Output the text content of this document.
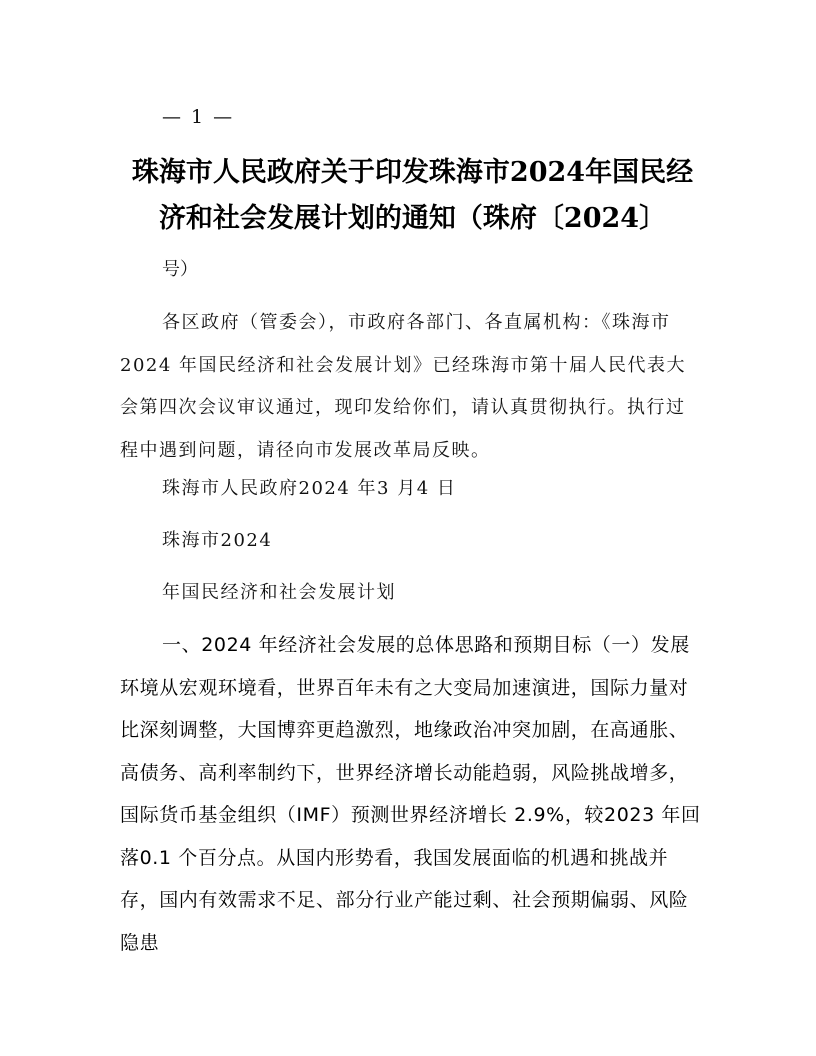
— 1 —
珠海市人民政府关于印发珠海市2024年国民经济和社会发展计划的通知（珠府〔2024〕
号）
各区政府（管委会），市政府各部门、各直属机构：《珠海市 2024 年国民经济和社会发展计划》已经珠海市第十届人民代表大会第四次会议审议通过，现印发给你们，请认真贯彻执行。执行过程中遇到问题，请径向市发展改革局反映。
珠海市人民政府2024 年3 月4 日
珠海市2024
年国民经济和社会发展计划
一、2024 年经济社会发展的总体思路和预期目标（一）发展环境从宏观环境看，世界百年未有之大变局加速演进，国际力量对比深刻调整，大国博弈更趋激烈，地缘政治冲突加剧，在高通胀、高债务、高利率制约下，世界经济增长动能趋弱，风险挑战增多，国际货币基金组织（IMF）预测世界经济增长 2.9%，较2023 年回落0.1 个百分点。从国内形势看，我国发展面临的机遇和挑战并存，国内有效需求不足、部分行业产能过剩、社会预期偏弱、风险隐患
